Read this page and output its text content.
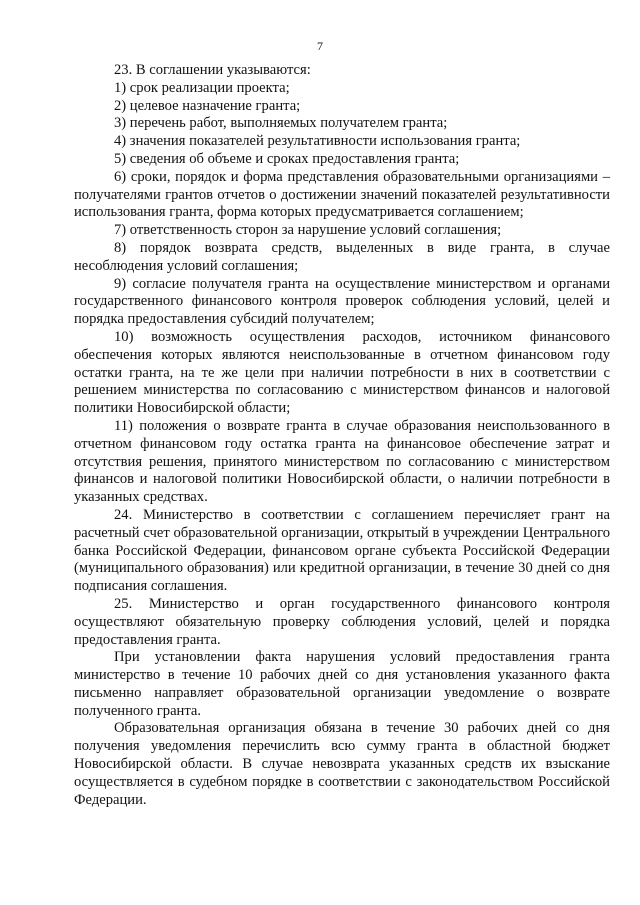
7

23. В соглашении указываются:

1) срок реализации проекта;

2) целевое назначение гранта;

3) перечень работ, выполняемых получателем гранта;

4) значения показателей результативности использования гранта;

5) сведения об объеме и сроках предоставления гранта;

6) сроки, порядок и форма представления образовательными организациями – получателями грантов отчетов о достижении значений показателей результативности использования гранта, форма которых предусматривается соглашением;

7) ответственность сторон за нарушение условий соглашения;

8) порядок возврата средств, выделенных в виде гранта, в случае несоблюдения условий соглашения;

9) согласие получателя гранта на осуществление министерством и органами государственного финансового контроля проверок соблюдения условий, целей и порядка предоставления субсидий получателем;

10) возможность осуществления расходов, источником финансового обеспечения которых являются неиспользованные в отчетном финансовом году остатки гранта, на те же цели при наличии потребности в них в соответствии с решением министерства по согласованию с министерством финансов и налоговой политики Новосибирской области;

11) положения о возврате гранта в случае образования неиспользованного в отчетном финансовом году остатка гранта на финансовое обеспечение затрат и отсутствия решения, принятого министерством по согласованию с министерством финансов и налоговой политики Новосибирской области, о наличии потребности в указанных средствах.

24. Министерство в соответствии с соглашением перечисляет грант на расчетный счет образовательной организации, открытый в учреждении Центрального банка Российской Федерации, финансовом органе субъекта Российской Федерации (муниципального образования) или кредитной организации, в течение 30 дней со дня подписания соглашения.

25. Министерство и орган государственного финансового контроля осуществляют обязательную проверку соблюдения условий, целей и порядка предоставления гранта.

При установлении факта нарушения условий предоставления гранта министерство в течение 10 рабочих дней со дня установления указанного факта письменно направляет образовательной организации уведомление о возврате полученного гранта.

Образовательная организация обязана в течение 30 рабочих дней со дня получения уведомления перечислить всю сумму гранта в областной бюджет Новосибирской области. В случае невозврата указанных средств их взыскание осуществляется в судебном порядке в соответствии с законодательством Российской Федерации.
